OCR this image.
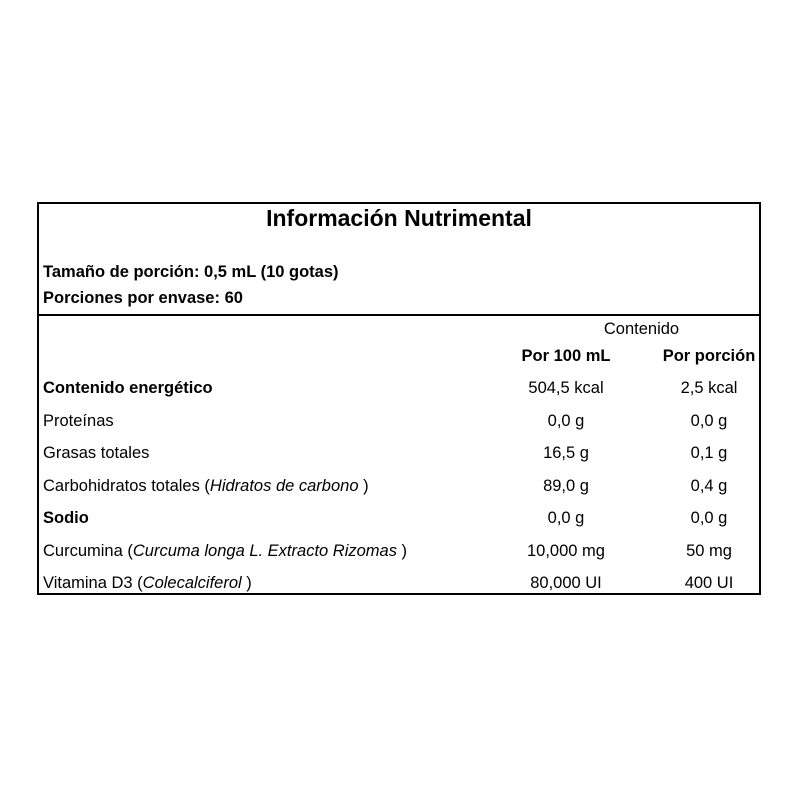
Información Nutrimental
Tamaño de porción: 0,5 mL (10 gotas)
Porciones por envase: 60
Contenido
Por 100 mL	Por porción
Contenido energético	504,5 kcal	2,5 kcal
Proteínas	0,0 g	0,0 g
Grasas totales	16,5 g	0,1 g
Carbohidratos totales (Hidratos de carbono )	89,0 g	0,4 g
Sodio	0,0 g	0,0 g
Curcumina (Curcuma longa L. Extracto Rizomas )	10,000 mg	50 mg
Vitamina D3 (Colecalciferol )	80,000 UI	400 UI
